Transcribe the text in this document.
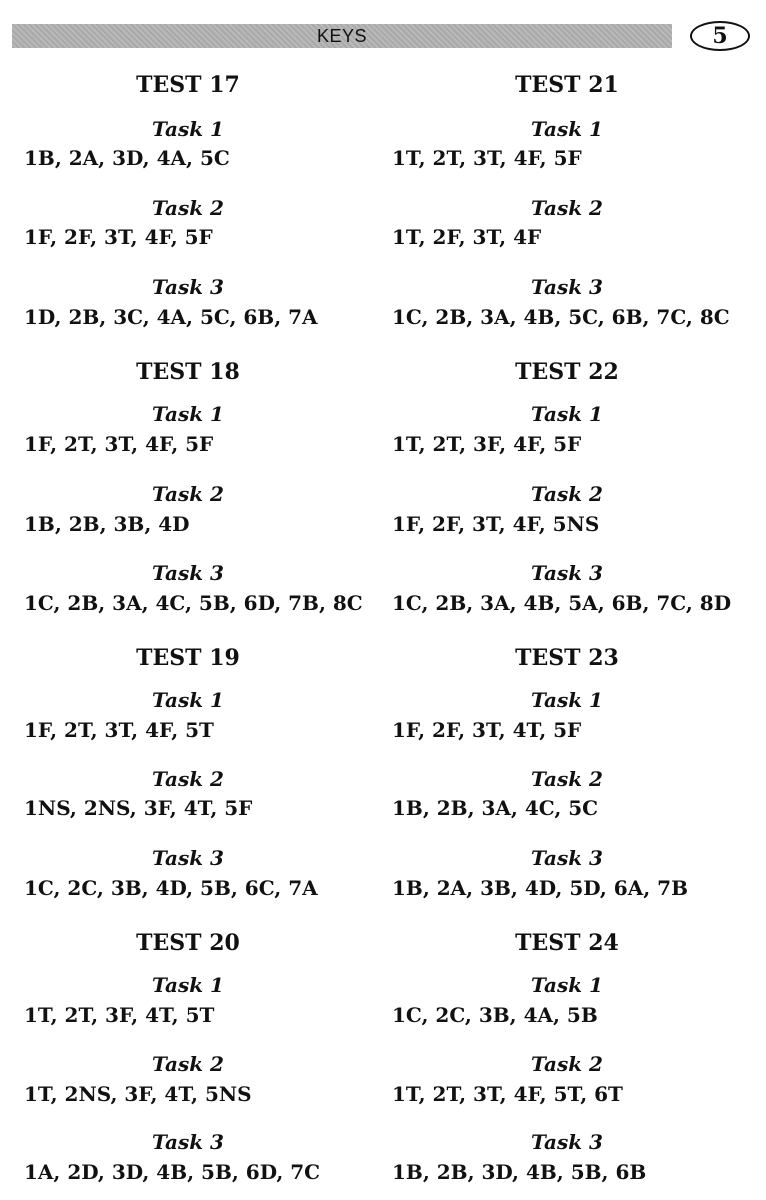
KEYS	5
TEST 17
Task 1
1B, 2A, 3D, 4A, 5C
Task 2
1F, 2F, 3T, 4F, 5F
Task 3
1D, 2B, 3C, 4A, 5C, 6B, 7A
TEST 18
Task 1
1F, 2T, 3T, 4F, 5F
Task 2
1B, 2B, 3B, 4D
Task 3
1C, 2B, 3A, 4C, 5B, 6D, 7B, 8C
TEST 19
Task 1
1F, 2T, 3T, 4F, 5T
Task 2
1NS, 2NS, 3F, 4T, 5F
Task 3
1C, 2C, 3B, 4D, 5B, 6C, 7A
TEST 20
Task 1
1T, 2T, 3F, 4T, 5T
Task 2
1T, 2NS, 3F, 4T, 5NS
Task 3
1A, 2D, 3D, 4B, 5B, 6D, 7C
TEST 21
Task 1
1T, 2T, 3T, 4F, 5F
Task 2
1T, 2F, 3T, 4F
Task 3
1C, 2B, 3A, 4B, 5C, 6B, 7C, 8C
TEST 22
Task 1
1T, 2T, 3F, 4F, 5F
Task 2
1F, 2F, 3T, 4F, 5NS
Task 3
1C, 2B, 3A, 4B, 5A, 6B, 7C, 8D
TEST 23
Task 1
1F, 2F, 3T, 4T, 5F
Task 2
1B, 2B, 3A, 4C, 5C
Task 3
1B, 2A, 3B, 4D, 5D, 6A, 7B
TEST 24
Task 1
1C, 2C, 3B, 4A, 5B
Task 2
1T, 2T, 3T, 4F, 5T, 6T
Task 3
1B, 2B, 3D, 4B, 5B, 6B
